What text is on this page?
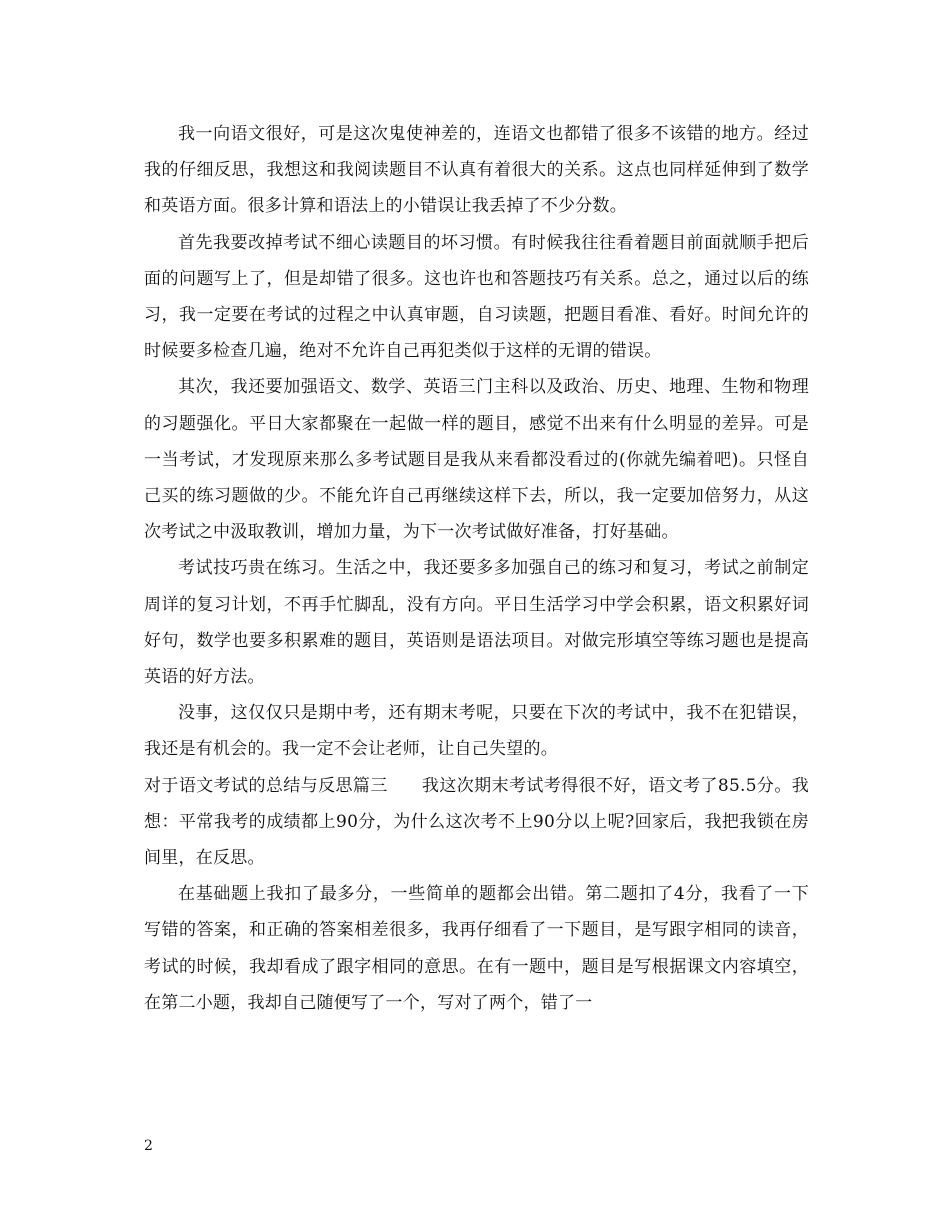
我一向语文很好，可是这次鬼使神差的，连语文也都错了很多不该错的地方。经过我的仔细反思，我想这和我阅读题目不认真有着很大的关系。这点也同样延伸到了数学和英语方面。很多计算和语法上的小错误让我丢掉了不少分数。

首先我要改掉考试不细心读题目的坏习惯。有时候我往往看着题目前面就顺手把后面的问题写上了，但是却错了很多。这也许也和答题技巧有关系。总之，通过以后的练习，我一定要在考试的过程之中认真审题，自习读题，把题目看准、看好。时间允许的时候要多检查几遍，绝对不允许自己再犯类似于这样的无谓的错误。

其次，我还要加强语文、数学、英语三门主科以及政治、历史、地理、生物和物理的习题强化。平日大家都聚在一起做一样的题目，感觉不出来有什么明显的差异。可是一当考试，才发现原来那么多考试题目是我从来看都没看过的(你就先编着吧)。只怪自己买的练习题做的少。不能允许自己再继续这样下去，所以，我一定要加倍努力，从这次考试之中汲取教训，增加力量，为下一次考试做好准备，打好基础。

考试技巧贵在练习。生活之中，我还要多多加强自己的练习和复习，考试之前制定周详的复习计划，不再手忙脚乱，没有方向。平日生活学习中学会积累，语文积累好词好句，数学也要多积累难的题目，英语则是语法项目。对做完形填空等练习题也是提高英语的好方法。

没事，这仅仅只是期中考，还有期末考呢，只要在下次的考试中，我不在犯错误，我还是有机会的。我一定不会让老师，让自己失望的。

对于语文考试的总结与反思篇三 我这次期末考试考得很不好，语文考了85.5分。我想：平常我考的成绩都上90分，为什么这次考不上90分以上呢?回家后，我把我锁在房间里，在反思。

在基础题上我扣了最多分，一些简单的题都会出错。第二题扣了4分，我看了一下写错的答案，和正确的答案相差很多，我再仔细看了一下题目，是写跟字相同的读音，考试的时候，我却看成了跟字相同的意思。在有一题中，题目是写根据课文内容填空，在第二小题，我却自己随便写了一个，写对了两个，错了一

2
